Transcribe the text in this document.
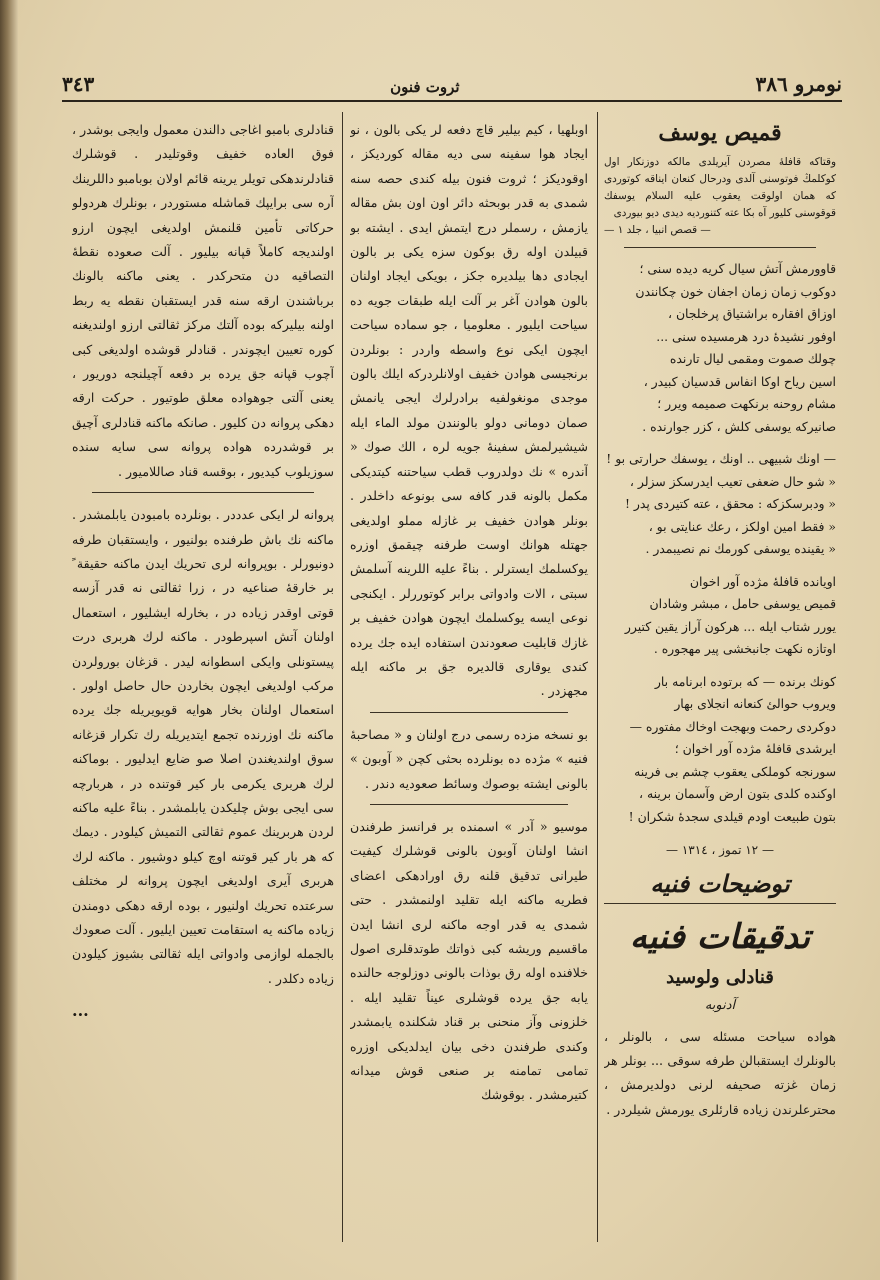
نومرو ٣٨٦
ثروت فنون
٣٤٣
قميص يوسف
وقتاكه قافلهٔ مصردن آيريلدى مالكه دوزنكار اول كوكلمڭ فوتوسنى آلدى ودرحال كنعان ايناقه كوتوردى كه همان اولوقت يعقوب عليه السلام يوسفك قوقوسنى كليور آه بكا عته كتنورديه ديدى ديو بيوردى
— قصص انبيا ، جلد ١ —
قاوورمش آتش سيال كريه ديده سنى ؛
دوكوب زمان زمان اجفان خون چكانندن
اوزاق افقاره براشتياق پرخلجان ،
اوفور نشيدهٔ درد هرمسيده سنى ...
چولك صموت ومقمى ليال تارنده
اسين رياح اوكا انفاس قدسيان كبيدر ،
مشام روحنه برنكهت صميمه ويرر ؛
صانيركه يوسفى كلش ، كزر جوارنده .
— اونك شبيهى .. اونك ، يوسفك حرارتى بو !
« شو حال ضعفى تعيب ايدرسكز سزلر ،
« ودبرسكزكه : محقق ، عته كتيردى پدر !
« فقط امين اولكز ، رعك عنايتى بو ،
« يقينده يوسفى كورمك نم نصيبمدر .
اويانده قافلهٔ مژده آور اخوان
قميص يوسفى حامل ، مبشر وشادان
يورر شتاب ايله ... هركون آراز يقين كتيرر
اوتازه نكهت جانبخشى پير مهجوره .
كونك برنده — كه برتوده ابرنامه بار
ويروب حوالئ كنعانه انجلاى بهار
دوكردى رحمت وبهجت اوخاك مفتوره —
ايرشدى قافلهٔ مژده آور اخوان ؛
سورنجه كوملكى يعقوب چشم بى فرينه
اوكنده كلدى بتون ارض وآسمان برينه ،
بتون طبيعت اودم قيلدى سجدهٔ شكران !
— ١٢ تموز ، ١٣١٤ —
توضيحات فنيه
تدقيقات فنيه
قنادلى ولوسيد
آدنوبه

هواده سياحت مسئله سى ، بالونلر ، بالونلرك ايستقبالن طرفه سوقى ... بونلر هر زمان غزته صحيفه لرنى دولديرمش ، محترعلرندن زياده قارئلرى يورمش شيلردر .

اوبلهيا ، كيم بيلير قاچ دفعه لر يكى بالون ، نو ايجاد هوا سفينه سى ديه مقاله كورديكز ، اوقوديكز ؛ ثروت فنون بيله كندى حصه سنه شمدى به قدر بوبحثه دائر اون اون بش مقاله يازمش ، رسملر درج ايتمش ايدى . ايشته بو قبيلدن اوله رق بوكون سزه يكى بر بالون ايجادى دها بيلديره جكز ، بويكى ايجاد اولنان بالون هوادن آغر بر آلت ايله طبقات جويه ده سياحت ايليور . معلوميا ، جو سماده سياحت ايچون ايكى نوع واسطه واردر : بونلردن برنجيسى هوادن خفيف اولانلردركه ايلك بالون موجدى مونغولفيه برادرلرك ايجى يانمش صمان دومانى دولو بالونندن مولد الماء ايله شيشيرلمش سفينهٔ جويه لره ، الك صوك « آندره » نك دولدروب قطب سياحتنه كيتديكى مكمل بالونه قدر كافه سى بونوعه داخلدر . بونلر هوادن خفيف بر غازله مملو اولديغى جهتله هوانك اوست طرفنه چيقمق اوزره يوكسلمك ايسترلر . بناءً عليه اللرينه آسلمش سبتى ، الات وادواتى برابر كوتوررلر . ايكنجى نوعى ايسه يوكسلمك ايچون هوادن خفيف بر غازك قابليت صعودندن استفاده ايده جك يرده كندى يوقارى قالديره جق بر ماكنه ايله مجهزدر .

بو نسخه مزده رسمى درج اولنان و « مصاحبهٔ فنيه » مژده ده بونلرده بحثى كچن « آوبون » بالونى ايشته بوصوك وسائط صعوديه دندر .

موسيو « آدر » اسمنده بر فرانسز طرفندن انشا اولنان آوبون بالونى قوشلرك كيفيت طيرانى تدقيق قلنه رق اورادهكى اعضاى فطريه ماكنه ايله تقليد اولنمشدر . حتى شمدى يه قدر اوجه ماكنه لرى انشا ايدن ماقسيم وريشه كبى ذواتك طوتدقلرى اصول خلافنده اوله رق بوذات بالونى دوزلوجه حالنده يابه جق يرده قوشلرى عيناً تقليد ايله . خلزونى وآز منحنى بر قناد شكلنده يابمشدر وكندى طرفندن دخى بيان ايدلديكى اوزره تمامى تمامنه بر صنعى قوش ميدانه كتيرمشدر . بوقوشك

قنادلرى بامبو اغاجى دالندن معمول وايجى بوشدر ، فوق العاده خفيف وقوتليدر . قوشلرك قنادلرندهكى تويلر يرينه قائم اولان بوبامبو داللرينك آره سى برايپك قماشله مستوردر ، بونلرك هردولو حركاتى تأمين قلنمش اولديغى ايچون ارزو اولنديجه كاملاً قپانه بيليور . آلت صعوده نقطهٔ التصاقيه دن متحركدر . يعنى ماكنه بالونك برباشندن ارقه سنه قدر ايستقبان نقطه يه ربط اولنه بيليركه بوده آلتك مركز ثقالتى ارزو اولنديغنه كوره تعيين ايچوندر . قنادلر قوشده اولديغى كبى آچوب قپانه جق يرده بر دفعه آچيلنجه دوريور ، يعنى آلتى جوهواده معلق طوتيور . حركت ارقه دهكى پروانه دن كليور . صانكه ماكنه قنادلرى آچيق بر قوشدرده هواده پروانه سى سايه سنده سوزيلوب كيديور ، بوقسه قناد صاللاميور .

پروانه لر ايكى عدددر . بونلرده بامبودن يابلمشدر . ماكنه نك باش طرفنده بولنيور ، وايستقبان طرفه دونيورلر . بوپروانه لرى تحريك ايدن ماكنه حقيقة ً بر خارقهٔ صناعيه در ، زرا ثقالتى نه قدر آزسه قوتى اوقدر زياده در ، بخارله ايشليور ، استعمال اولنان آتش اسپرطودر . ماكنه لرك هربرى درت پيستونلى وايكى اسطوانه ليدر . قزغان بورولردن مركب اولديغى ايچون بخاردن حال حاصل اولور . استعمال اولنان بخار هوايه قويويريله جك يرده ماكنه نك اوزرنده تجمع ايتديريله رك تكرار قزغانه سوق اولنديغندن اصلا صو ضايع ايدليور . بوماكنه لرك هربرى يكرمى بار كير قوتنده در ، هربارچه سى ايجى بوش چليكدن يابلمشدر . بناءً عليه ماكنه لردن هربرينك عموم ثقالتى التميش كيلودر . ديمك كه هر بار كير قوتنه اوچ كيلو دوشيور . ماكنه لرك هربرى آيرى اولديغى ايچون پروانه لر مختلف سرعتده تحريك اولنيور ، بوده ارقه دهكى دومندن زياده ماكنه يه استقامت تعيين ايليور . آلت صعودك بالجمله لوازمى وادواتى ايله ثقالتى بشيوز كيلودن زياده دكلدر .

...
